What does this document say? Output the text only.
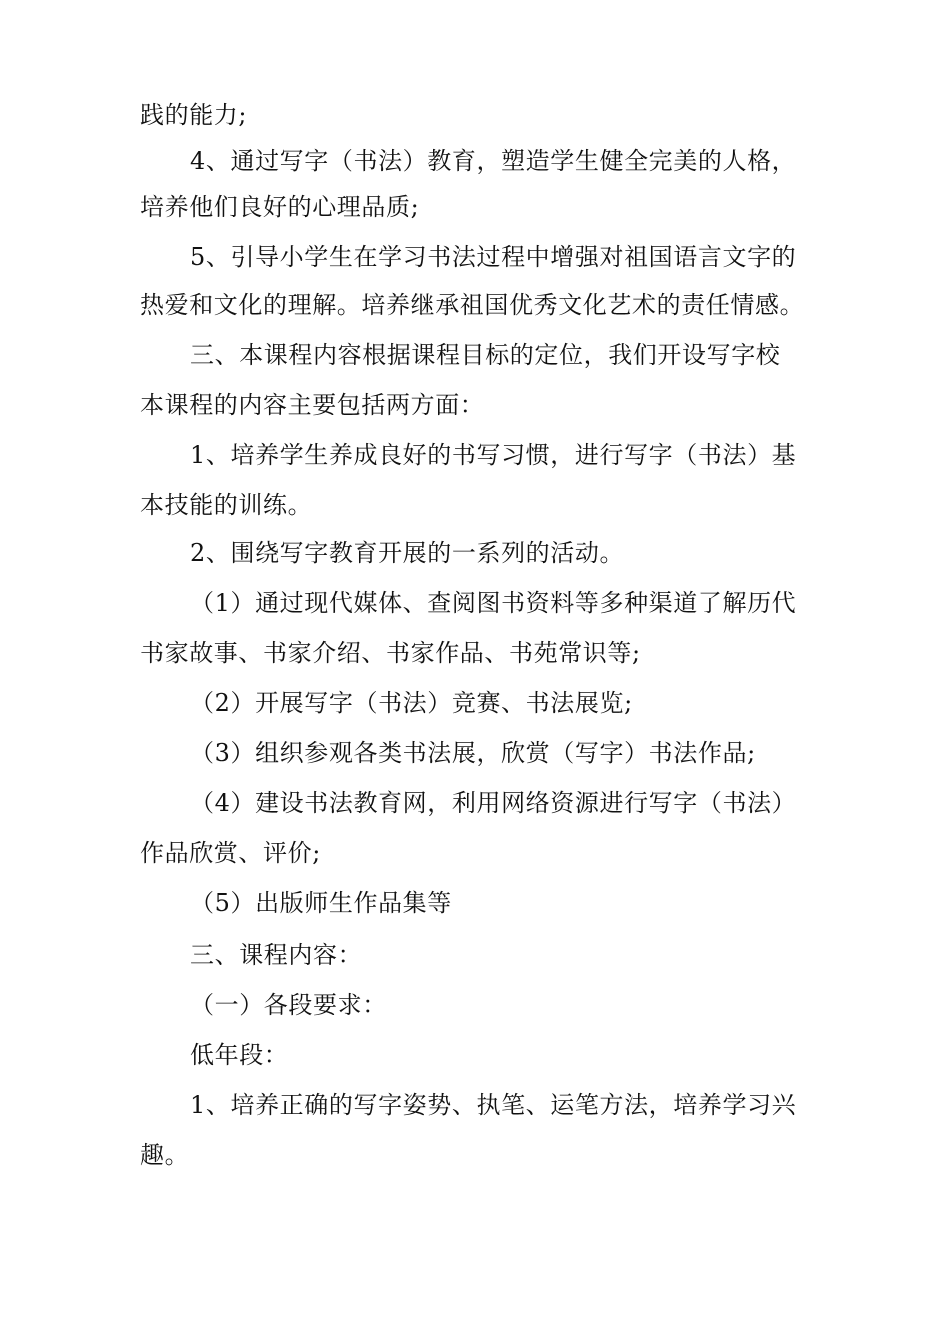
践的能力;
4、通过写字（书法）教育，塑造学生健全完美的人格，
培养他们良好的心理品质;
5、引导小学生在学习书法过程中增强对祖国语言文字的
热爱和文化的理解。培养继承祖国优秀文化艺术的责任情感。
三、本课程内容根据课程目标的定位，我们开设写字校
本课程的内容主要包括两方面：
1、培养学生养成良好的书写习惯，进行写字（书法）基
本技能的训练。
2、围绕写字教育开展的一系列的活动。
（1）通过现代媒体、查阅图书资料等多种渠道了解历代
书家故事、书家介绍、书家作品、书苑常识等;
（2）开展写字（书法）竞赛、书法展览;
（3）组织参观各类书法展，欣赏（写字）书法作品;
（4）建设书法教育网，利用网络资源进行写字（书法）
作品欣赏、评价;
（5）出版师生作品集等
三、课程内容：
（一）各段要求：
低年段：
1、培养正确的写字姿势、执笔、运笔方法，培养学习兴
趣。
